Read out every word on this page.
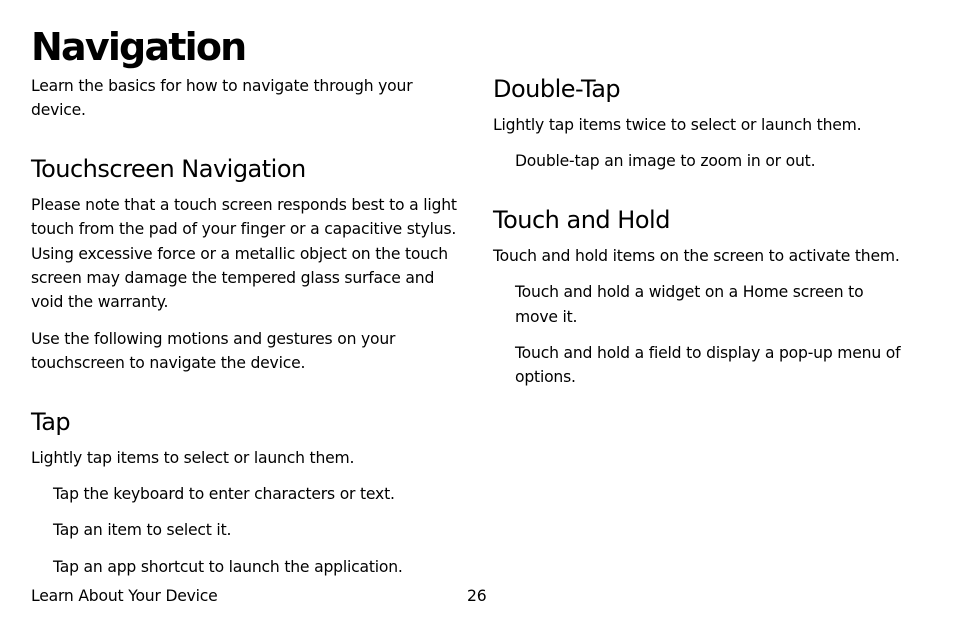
Navigation

Learn the basics for how to navigate through your

device.

Touchscreen Navigation

Please note that a touch screen responds best to a light

touch from the pad of your finger or a capacitive stylus.

Using excessive force or a metallic object on the touch

screen may damage the tempered glass surface and

void the warranty.

Use the following motions and gestures on your

touchscreen to navigate the device.

Tap

Lightly tap items to select or launch them.

Tap the keyboard to enter characters or text.

Tap an item to select it.

Tap an app shortcut to launch the application.

Double-Tap

Lightly tap items twice to select or launch them.

Double-tap an image to zoom in or out.

Touch and Hold

Touch and hold items on the screen to activate them.

Touch and hold a widget on a Home screen to

move it.

Touch and hold a field to display a pop-up menu of

options.

Learn About Your Device	26
